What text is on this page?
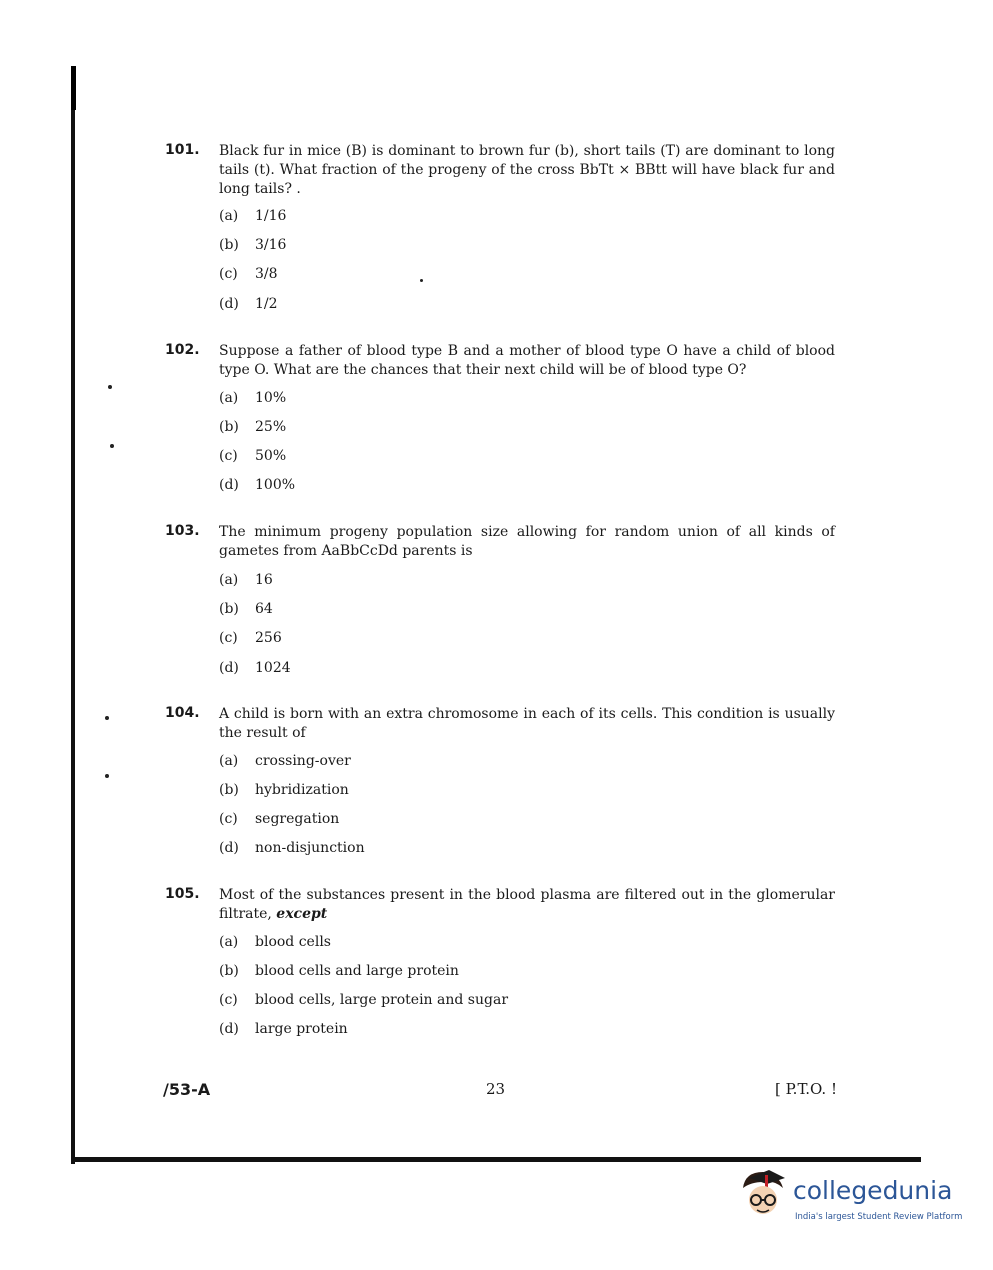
101. Black fur in mice (B) is dominant to brown fur (b), short tails (T) are dominant to long tails (t). What fraction of the progeny of the cross BbTt × BBtt will have black fur and long tails? .
(a) 1/16
(b) 3/16
(c) 3/8
(d) 1/2
102. Suppose a father of blood type B and a mother of blood type O have a child of blood type O. What are the chances that their next child will be of blood type O?
(a) 10%
(b) 25%
(c) 50%
(d) 100%
103. The minimum progeny population size allowing for random union of all kinds of gametes from AaBbCcDd parents is
(a) 16
(b) 64
(c) 256
(d) 1024
104. A child is born with an extra chromosome in each of its cells. This condition is usually the result of
(a) crossing-over
(b) hybridization
(c) segregation
(d) non-disjunction
105. Most of the substances present in the blood plasma are filtered out in the glomerular filtrate, except
(a) blood cells
(b) blood cells and large protein
(c) blood cells, large protein and sugar
(d) large protein
/53-A	23	[ P.T.O. !
collegedunia
India's largest Student Review Platform
